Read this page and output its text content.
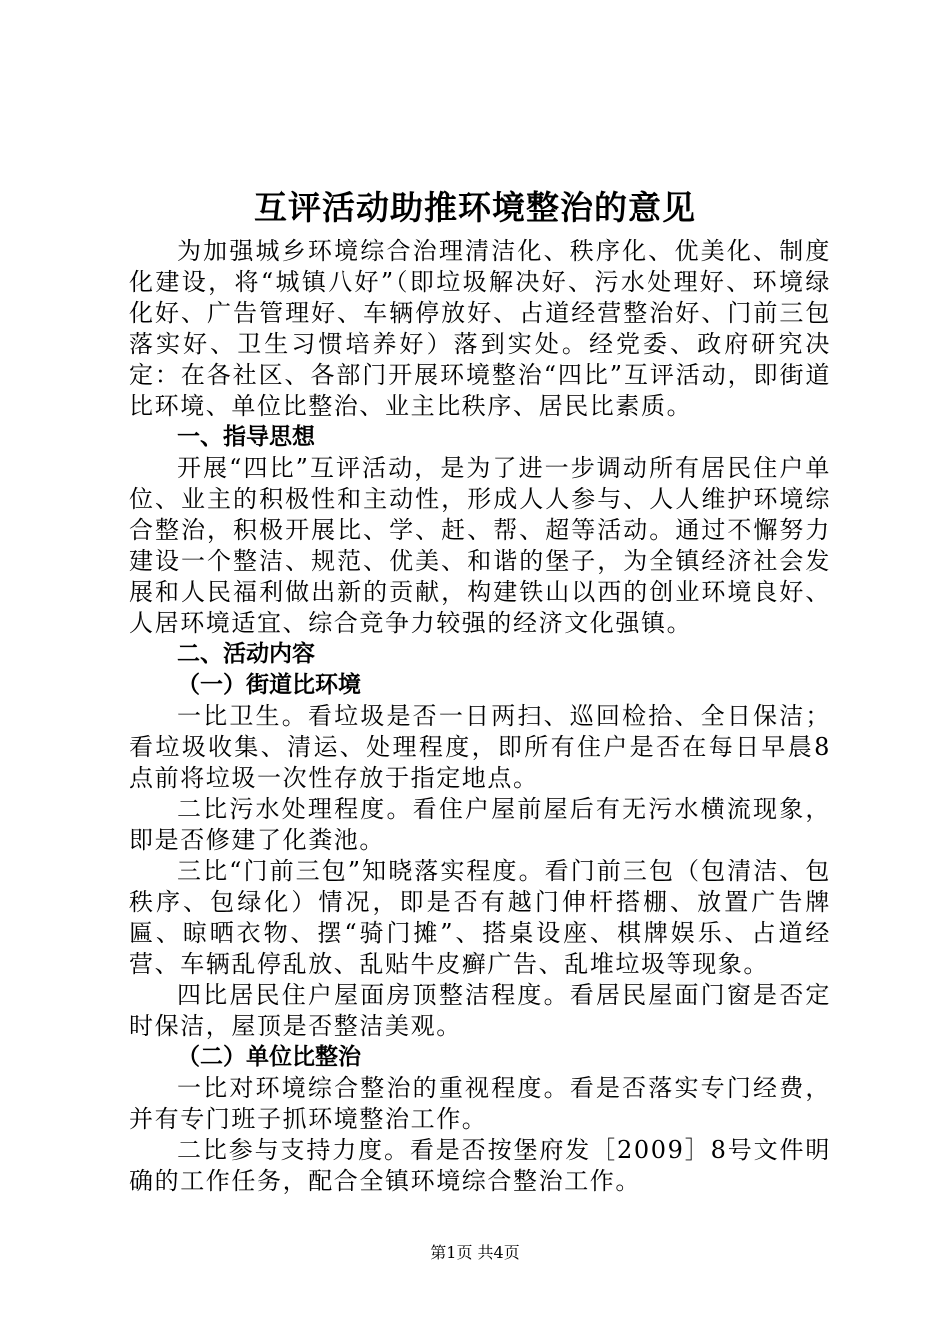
互评活动助推环境整治的意见

为加强城乡环境综合治理清洁化、秩序化、优美化、制度化建设，将“城镇八好”（即垃圾解决好、污水处理好、环境绿化好、广告管理好、车辆停放好、占道经营整治好、门前三包落实好、卫生习惯培养好）落到实处。经党委、政府研究决定：在各社区、各部门开展环境整治“四比”互评活动，即街道比环境、单位比整治、业主比秩序、居民比素质。

一、指导思想

开展“四比”互评活动，是为了进一步调动所有居民住户单位、业主的积极性和主动性，形成人人参与、人人维护环境综合整治，积极开展比、学、赶、帮、超等活动。通过不懈努力建设一个整洁、规范、优美、和谐的堡子，为全镇经济社会发展和人民福利做出新的贡献，构建铁山以西的创业环境良好、人居环境适宜、综合竞争力较强的经济文化强镇。

二、活动内容

（一）街道比环境

一比卫生。看垃圾是否一日两扫、巡回检拾、全日保洁；看垃圾收集、清运、处理程度，即所有住户是否在每日早晨8点前将垃圾一次性存放于指定地点。

二比污水处理程度。看住户屋前屋后有无污水横流现象，即是否修建了化粪池。

三比“门前三包”知晓落实程度。看门前三包（包清洁、包秩序、包绿化）情况，即是否有越门伸杆搭棚、放置广告牌匾、晾晒衣物、摆“骑门摊”、搭桌设座、棋牌娱乐、占道经营、车辆乱停乱放、乱贴牛皮癣广告、乱堆垃圾等现象。

四比居民住户屋面房顶整洁程度。看居民屋面门窗是否定时保洁，屋顶是否整洁美观。

（二）单位比整治

一比对环境综合整治的重视程度。看是否落实专门经费，并有专门班子抓环境整治工作。

二比参与支持力度。看是否按堡府发［2009］8号文件明确的工作任务，配合全镇环境综合整治工作。

第1页 共4页
